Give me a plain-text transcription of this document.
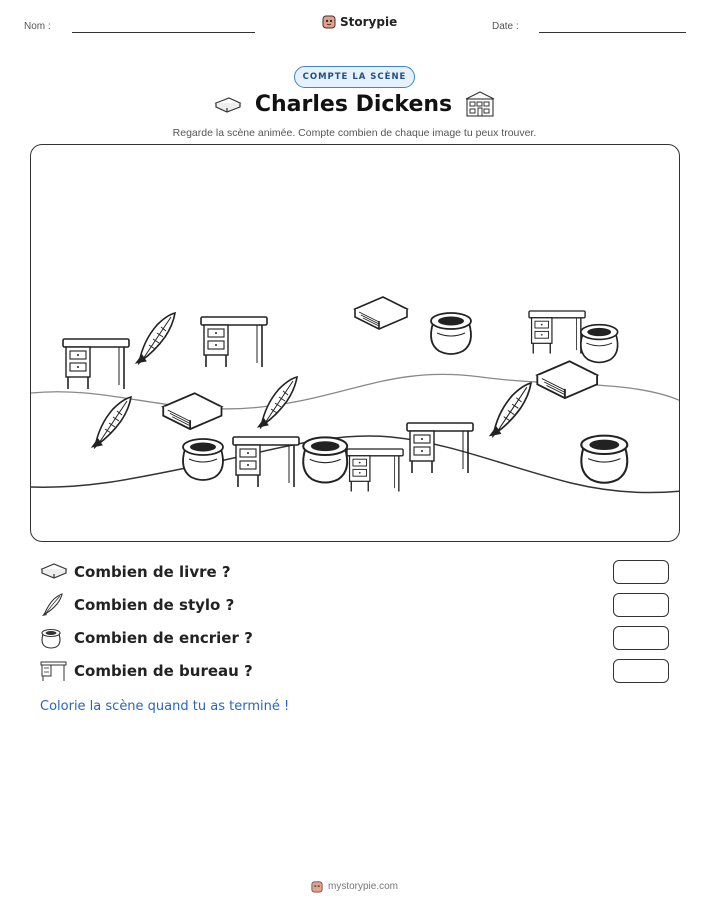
Nom :	Storypie	Date :
COMPTE LA SCÈNE
Charles Dickens
Regarde la scène animée. Compte combien de chaque image tu peux trouver.
Combien de livre ?
Combien de stylo ?
Combien de encrier ?
Combien de bureau ?
Colorie la scène quand tu as terminé !
mystorypie.com
